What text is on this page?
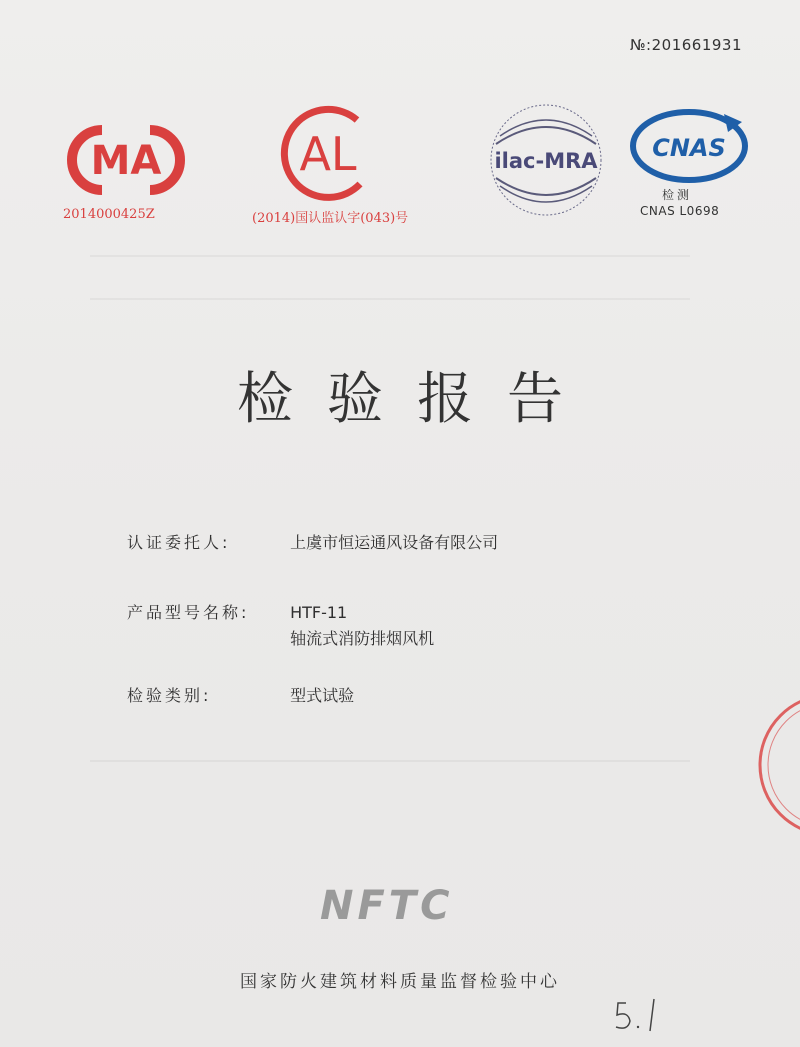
№:201661931
MA
2014000425Z
AL
(2014)国认监认字(043)号
ilac-MRA CNAS
检测
CNAS L0698
检验报告
认证委托人:	上虞市恒运通风设备有限公司
产品型号名称:	HTF-11
轴流式消防排烟风机
检验类别:	型式试验
NFTC
国家防火建筑材料质量监督检验中心
